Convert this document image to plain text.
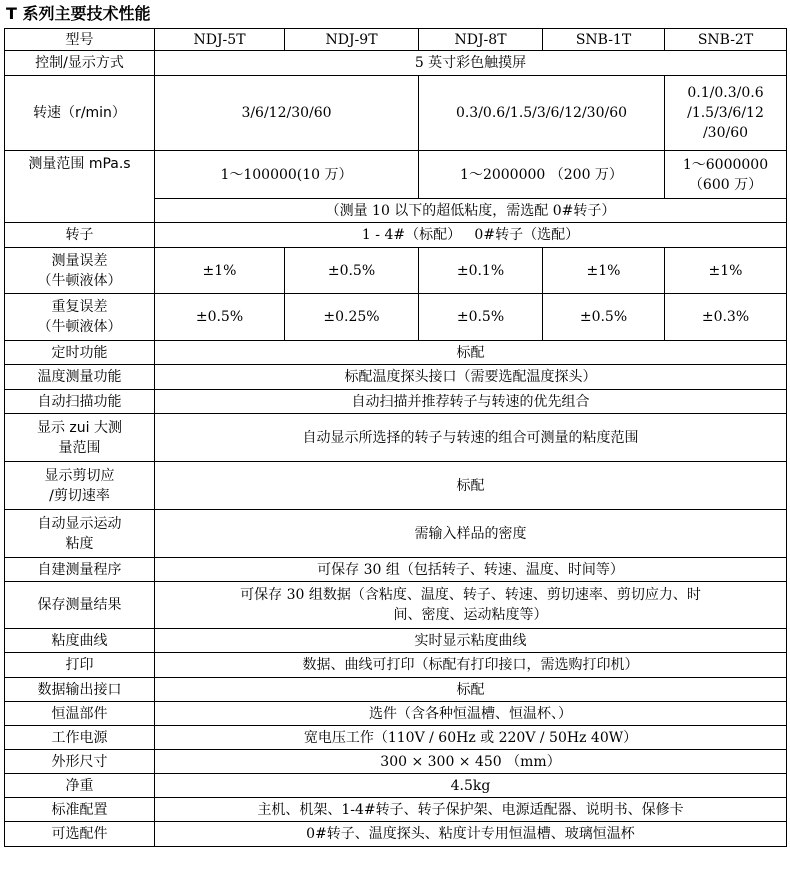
T 系列主要技术性能
型号	NDJ-5T	NDJ-9T	NDJ-8T	SNB-1T	SNB-2T
控制/显示方式	5 英寸彩色触摸屏				
转速（r/min）	3/6/12/30/60		0.3/0.6/1.5/3/6/12/30/60		0.1/0.3/0.6
/1.5/3/6/12
/30/60

测量范围 mPa.s	1～100000(10 万）		1～2000000 （200 万）		1～6000000
（600 万）

	（测量 10 以下的超低粘度，需选配 0#转子）				
转子	1 - 4#（标配）   0#转子（选配）				

测量误差
（牛顿液体）	±1%	±0.5%	±0.1%	±1%	±1%

重复误差
（牛顿液体）	±0.5%	±0.25%	±0.5%	±0.5%	±0.3%
定时功能	标配				
温度测量功能	标配温度探头接口（需要选配温度探头）				
自动扫描功能	自动扫描并推荐转子与转速的优先组合				

显示 zui 大测
量范围	自动显示所选择的转子与转速的组合可测量的粘度范围				

显示剪切应
/剪切速率	标配				

自动显示运动
粘度	需输入样品的密度				
自建测量程序	可保存 30 组（包括转子、转速、温度、时间等）				
保存测量结果	可保存 30 组数据（含粘度、温度、转子、转速、剪切速率、剪切应力、时
间、密度、运动粘度等）				

粘度曲线	实时显示粘度曲线				
打印	数据、曲线可打印（标配有打印接口，需选购打印机）				
数据输出接口	标配				
恒温部件	选件（含各种恒温槽、恒温杯、）				
工作电源	宽电压工作（110V / 60Hz 或 220V / 50Hz 40W）				
外形尺寸	300 × 300 × 450 （mm）				
净重	4.5kg				
标准配置	主机、机架、1-4#转子、转子保护架、电源适配器、说明书、保修卡				
可选配件	0#转子、温度探头、粘度计专用恒温槽、玻璃恒温杯				
